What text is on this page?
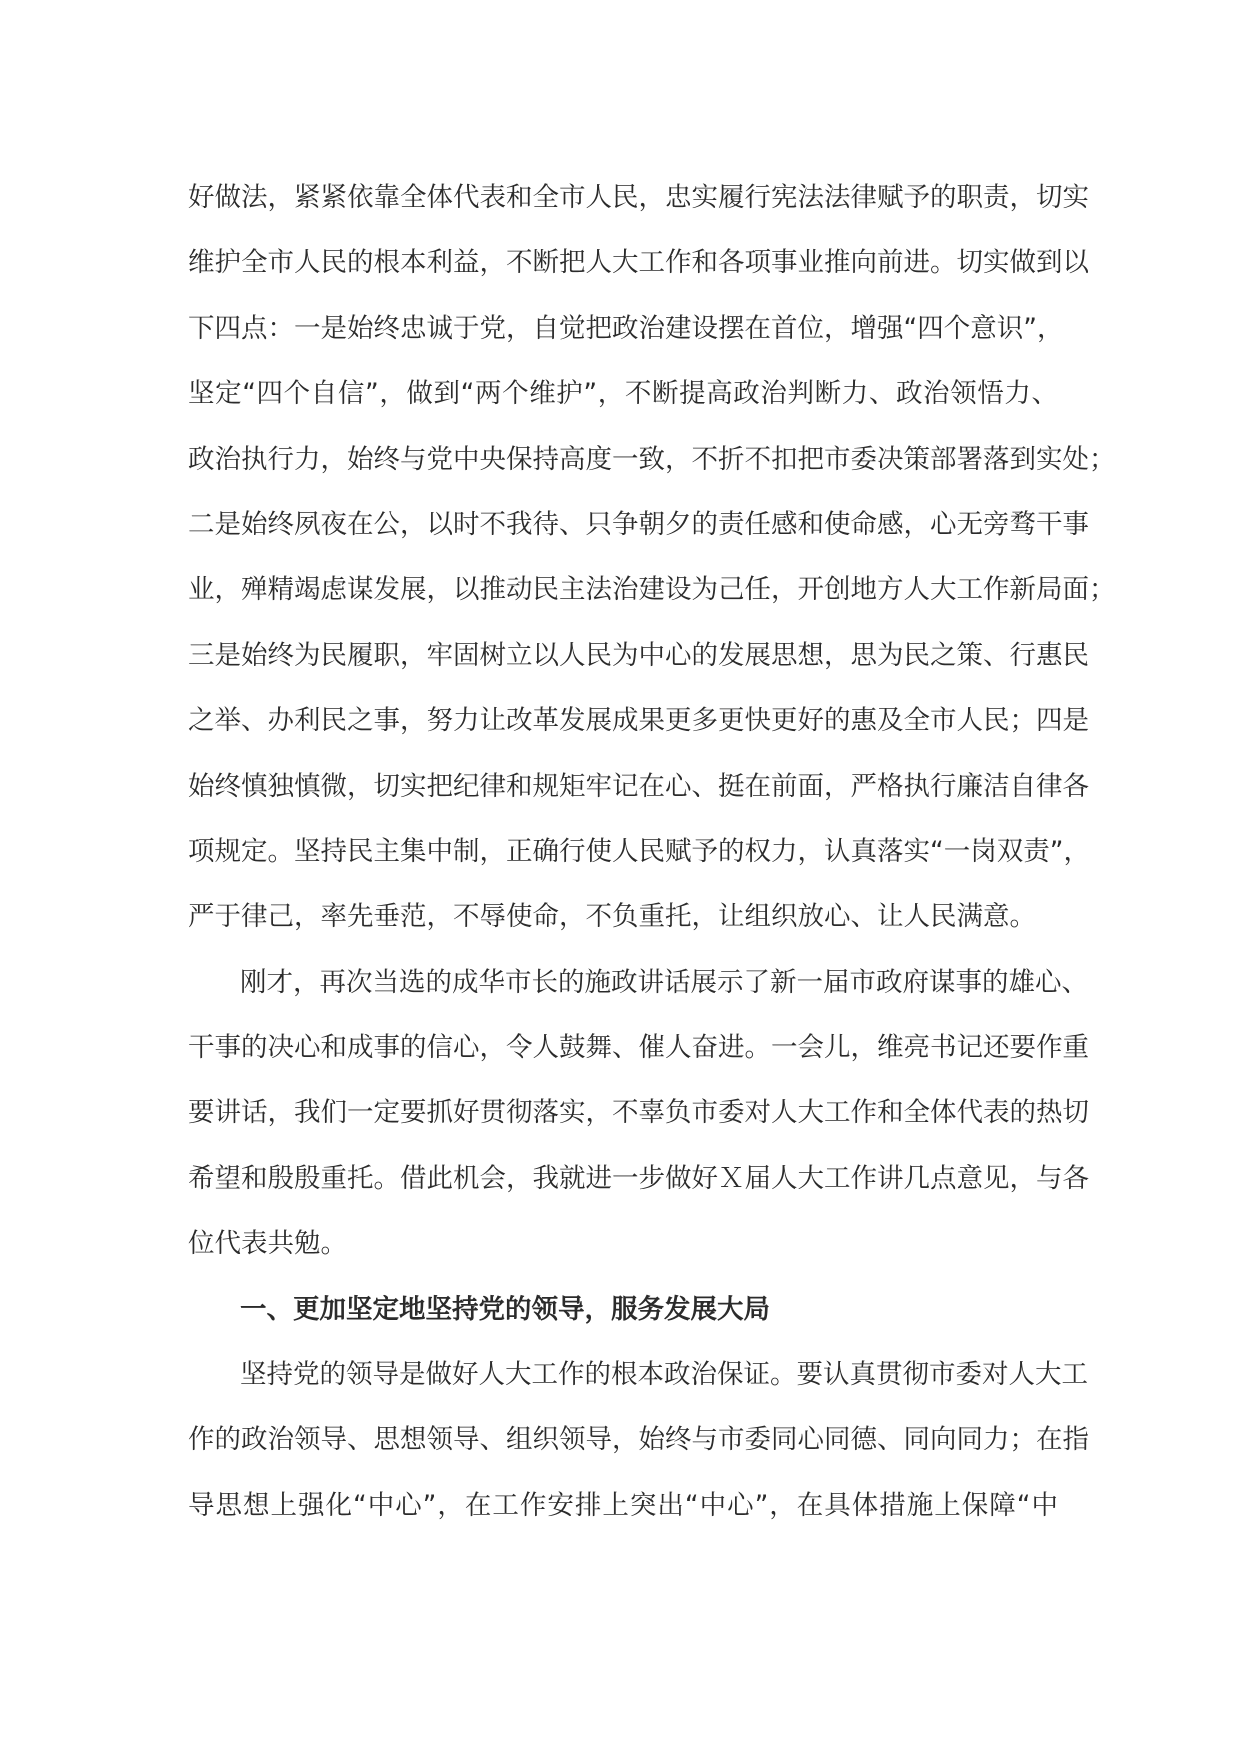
好做法，紧紧依靠全体代表和全市人民，忠实履行宪法法律赋予的职责，切实
维护全市人民的根本利益，不断把人大工作和各项事业推向前进。切实做到以
下四点：一是始终忠诚于党，自觉把政治建设摆在首位，增强“四个意识”，
坚定“四个自信”，做到“两个维护”，不断提高政治判断力、政治领悟力、
政治执行力，始终与党中央保持高度一致，不折不扣把市委决策部署落到实处；
二是始终夙夜在公，以时不我待、只争朝夕的责任感和使命感，心无旁骛干事
业，殚精竭虑谋发展，以推动民主法治建设为己任，开创地方人大工作新局面；
三是始终为民履职，牢固树立以人民为中心的发展思想，思为民之策、行惠民
之举、办利民之事，努力让改革发展成果更多更快更好的惠及全市人民；四是
始终慎独慎微，切实把纪律和规矩牢记在心、挺在前面，严格执行廉洁自律各
项规定。坚持民主集中制，正确行使人民赋予的权力，认真落实“一岗双责”，
严于律己，率先垂范，不辱使命，不负重托，让组织放心、让人民满意。
刚才，再次当选的成华市长的施政讲话展示了新一届市政府谋事的雄心、
干事的决心和成事的信心，令人鼓舞、催人奋进。一会儿，维亮书记还要作重
要讲话，我们一定要抓好贯彻落实，不辜负市委对人大工作和全体代表的热切
希望和殷殷重托。借此机会，我就进一步做好Ｘ届人大工作讲几点意见，与各
位代表共勉。
一、更加坚定地坚持党的领导，服务发展大局
坚持党的领导是做好人大工作的根本政治保证。要认真贯彻市委对人大工
作的政治领导、思想领导、组织领导，始终与市委同心同德、同向同力；在指
导思想上强化“中心”，在工作安排上突出“中心”，在具体措施上保障“中
